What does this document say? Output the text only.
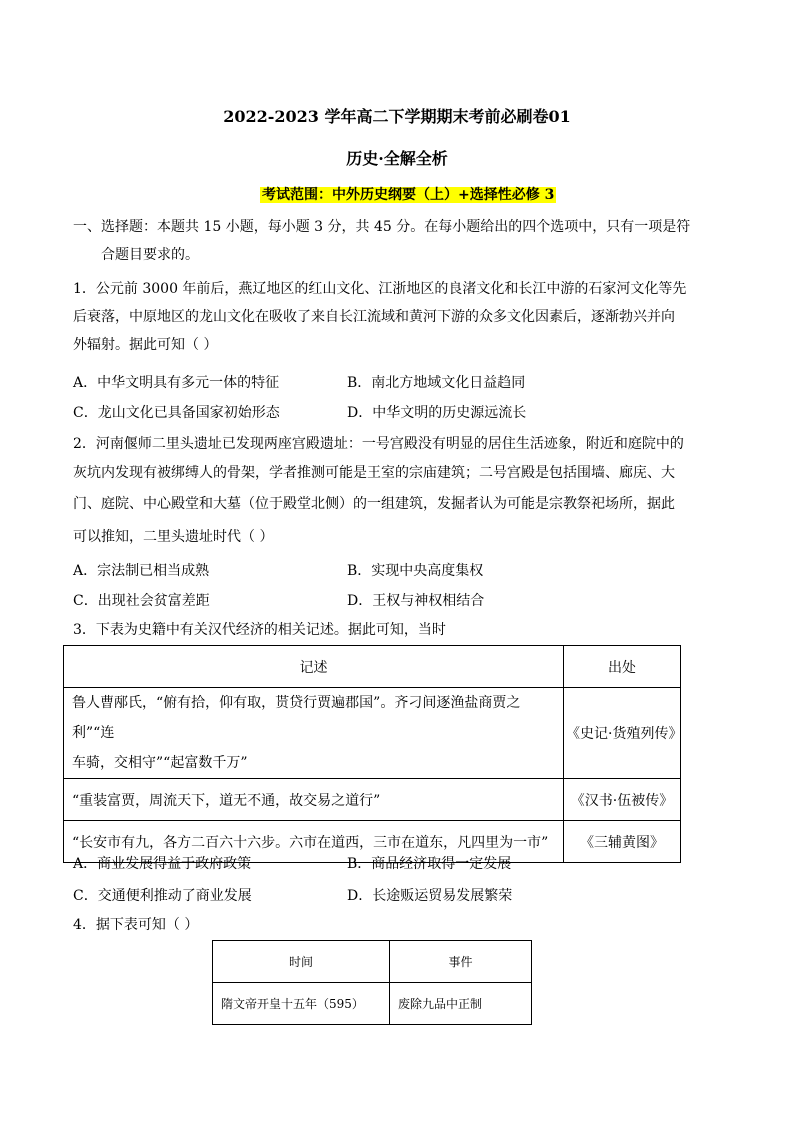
2022-2023 学年高二下学期期末考前必刷卷01
历史·全解全析
考试范围：中外历史纲要（上）+选择性必修 3
一、选择题：本题共 15 小题，每小题 3 分，共 45 分。在每小题给出的四个选项中，只有一项是符
合题目要求的。
1．公元前 3000 年前后，燕辽地区的红山文化、江浙地区的良渚文化和长江中游的石家河文化等先
后衰落，中原地区的龙山文化在吸收了来自长江流域和黄河下游的众多文化因素后，逐渐勃兴并向
外辐射。据此可知（ ）
A．中华文明具有多元一体的特征	B．南北方地域文化日益趋同
C．龙山文化已具备国家初始形态	D．中华文明的历史源远流长
2．河南偃师二里头遗址已发现两座宫殿遗址：一号宫殿没有明显的居住生活迹象，附近和庭院中的
灰坑内发现有被绑缚人的骨架，学者推测可能是王室的宗庙建筑；二号宫殿是包括围墙、廊庑、大
门、庭院、中心殿堂和大墓（位于殿堂北侧）的一组建筑，发掘者认为可能是宗教祭祀场所，据此
可以推知，二里头遗址时代（ ）
A．宗法制已相当成熟	B．实现中央高度集权
C．出现社会贫富差距	D．王权与神权相结合
3．下表为史籍中有关汉代经济的相关记述。据此可知，当时
记述	出处

鲁人曹邴氏，“俯有拾，仰有取，贳贷行贾遍郡国”。齐刁间逐渔盐商贾之利”“连
车骑，交相守”“起富数千万”	《史记·货殖列传》
“重装富贾，周流天下，道无不通，故交易之道行”	《汉书·伍被传》
“长安市有九，各方二百六十六步。六市在道西，三市在道东，凡四里为一市”	《三辅黄图》
A．商业发展得益于政府政策	B．商品经济取得一定发展
C．交通便利推动了商业发展	D．长途贩运贸易发展繁荣
4．据下表可知（ ）
时间	事件
隋文帝开皇十五年（595）	废除九品中正制
